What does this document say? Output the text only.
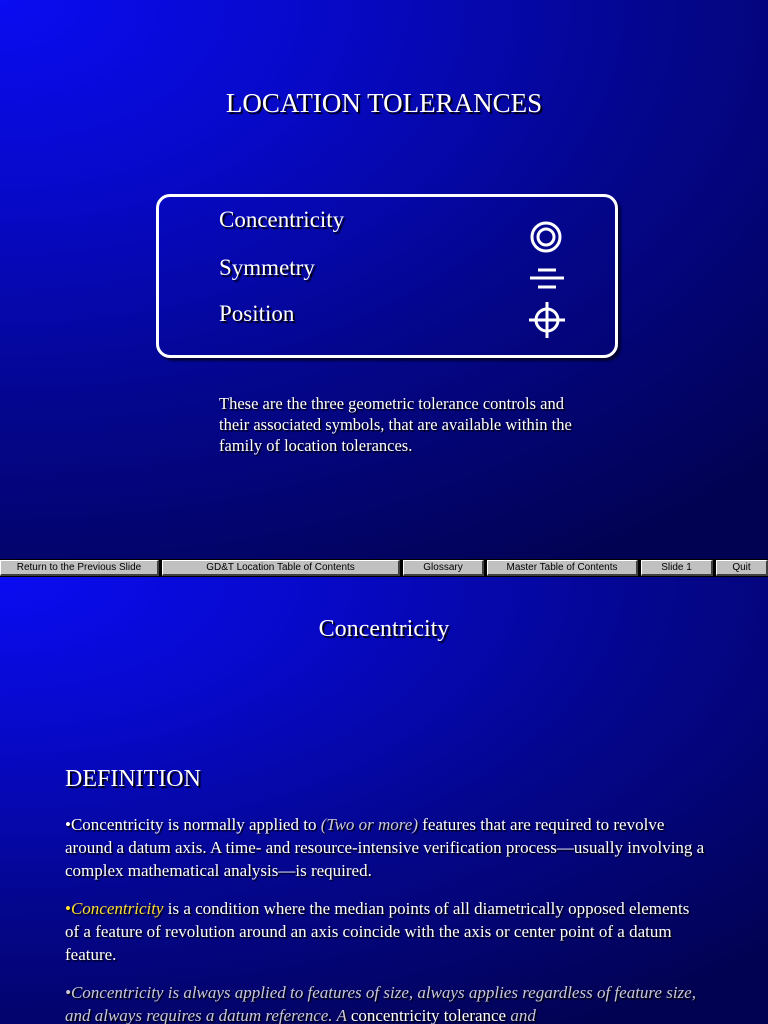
LOCATION TOLERANCES
Concentricity
Symmetry
Position

These are the three geometric tolerance controls and their associated symbols, that are available within the family of location tolerances.

Return to the Previous Slide	GD&T Location Table of Contents	Glossary	Master Table of Contents	Slide 1	Quit
Concentricity
DEFINITION

•Concentricity is normally applied to (Two or more) features that are required to revolve around a datum axis. A time- and resource-intensive verification process—usually involving a complex mathematical analysis—is required.

•Concentricity is a condition where the median points of all diametrically opposed elements of a feature of revolution around an axis coincide with the axis or center point of a datum feature.

•Concentricity is always applied to features of size, always applies regardless of feature size, and always requires a datum reference. A concentricity tolerance and
